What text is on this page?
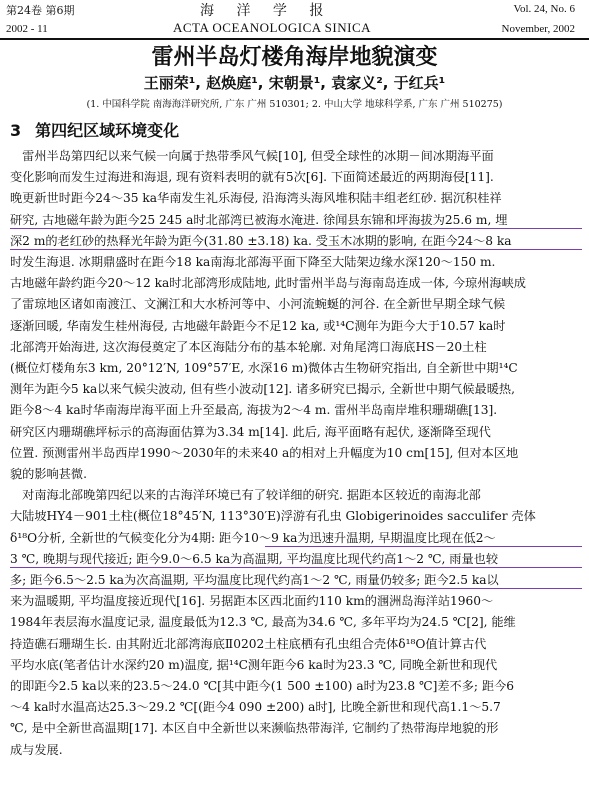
第24卷 第6期	海 洋 学 报	Vol. 24, No. 6
2002 - 11	ACTA OCEANOLOGICA SINICA	November, 2002
雷州半岛灯楼角海岸地貌演变
王丽荣¹, 赵焕庭¹, 宋朝景¹, 袁家义², 于红兵¹
(1. 中国科学院 南海海洋研究所, 广东 广州 510301; 2. 中山大学 地球科学系, 广东 广州 510275)
3 第四纪区域环境变化
　雷州半岛第四纪以来气候一向属于热带季风气候[10], 但受全球性的冰期－间冰期海平面
变化影响而发生过海进和海退, 现有资料表明的就有5次[6]. 下面简述最近的两期海侵[11].
晚更新世时距今24～35 ka华南发生礼乐海侵, 沿海湾头海风堆积陆丰组老红砂. 据沉积桂祥
研究, 古地磁年龄为距今25 245 a时北部湾已被海水淹进. 徐闻县东锦和坪海拔为25.6 m, 埋
深2 m的老红砂的热释光年龄为距今(31.80 ±3.18) ka. 受玉木冰期的影响, 在距今24～8 ka
时发生海退. 冰期鼎盛时在距今18 ka南海北部海平面下降至大陆架边缘水深120～150 m.
古地磁年龄约距今20～12 ka时北部湾形成陆地, 此时雷州半岛与海南岛连成一体, 今琼州海峡成
了雷琼地区诸如南渡江、文澜江和大水桥河等中、小河流蜿蜒的河谷. 在全新世早期全球气候
逐渐回暖, 华南发生桂州海侵, 古地磁年龄距今不足12 ka, 或¹⁴C测年为距今大于10.57 ka时
北部湾开始海进, 这次海侵奠定了本区海陆分布的基本轮廓. 对角尾湾口海底HS－20土柱
(概位灯楼角东3 km, 20°12′N, 109°57′E, 水深16 m)微体古生物研究指出, 自全新世中期¹⁴C
测年为距今5 ka以来气候尖波动, 但有些小波动[12]. 诸多研究已揭示, 全新世中期气候最暖热,
距今8～4 ka时华南海岸海平面上升至最高, 海拔为2～4 m. 雷州半岛南岸堆积珊瑚礁[13].
研究区内珊瑚礁坪标示的高海面估算为3.34 m[14]. 此后, 海平面略有起伏, 逐渐降至现代
位置. 预测雷州半岛西岸1990～2030年的未来40 a的相对上升幅度为10 cm[15], 但对本区地
貌的影响甚微.
　对南海北部晚第四纪以来的古海洋环境已有了较详细的研究. 据距本区较近的南海北部
大陆坡HY4－901土柱(概位18°45′N, 113°30′E)浮游有孔虫 Globigerinoides sacculifer 壳体
δ¹⁸O分析, 全新世的气候变化分为4期: 距今10～9 ka为迅速升温期, 早期温度比现在低2～
3 ℃, 晚期与现代接近; 距今9.0～6.5 ka为高温期, 平均温度比现代约高1～2 ℃, 雨量也较
多; 距今6.5～2.5 ka为次高温期, 平均温度比现代约高1～2 ℃, 雨量仍较多; 距今2.5 ka以
来为温暖期, 平均温度接近现代[16]. 另据距本区西北面约110 km的涠洲岛海洋站1960～
1984年表层海水温度记录, 温度最低为12.3 ℃, 最高为34.6 ℃, 多年平均为24.5 ℃[2], 能维
持造礁石珊瑚生长. 由其附近北部湾海底Ⅱ0202土柱底栖有孔虫组合壳体δ¹⁸O值计算古代
平均水底(笔者估计水深约20 m)温度, 据¹⁴C测年距今6 ka时为23.3 ℃, 同晚全新世和现代
的即距今2.5 ka以来的23.5～24.0 ℃[其中距今(1 500 ±100) a时为23.8 ℃]差不多; 距今6
～4 ka时水温高达25.3～29.2 ℃[(距今4 090 ±200) a时], 比晚全新世和现代高1.1～5.7
℃, 是中全新世高温期[17]. 本区自中全新世以来濒临热带海洋, 它制约了热带海岸地貌的形
成与发展.
